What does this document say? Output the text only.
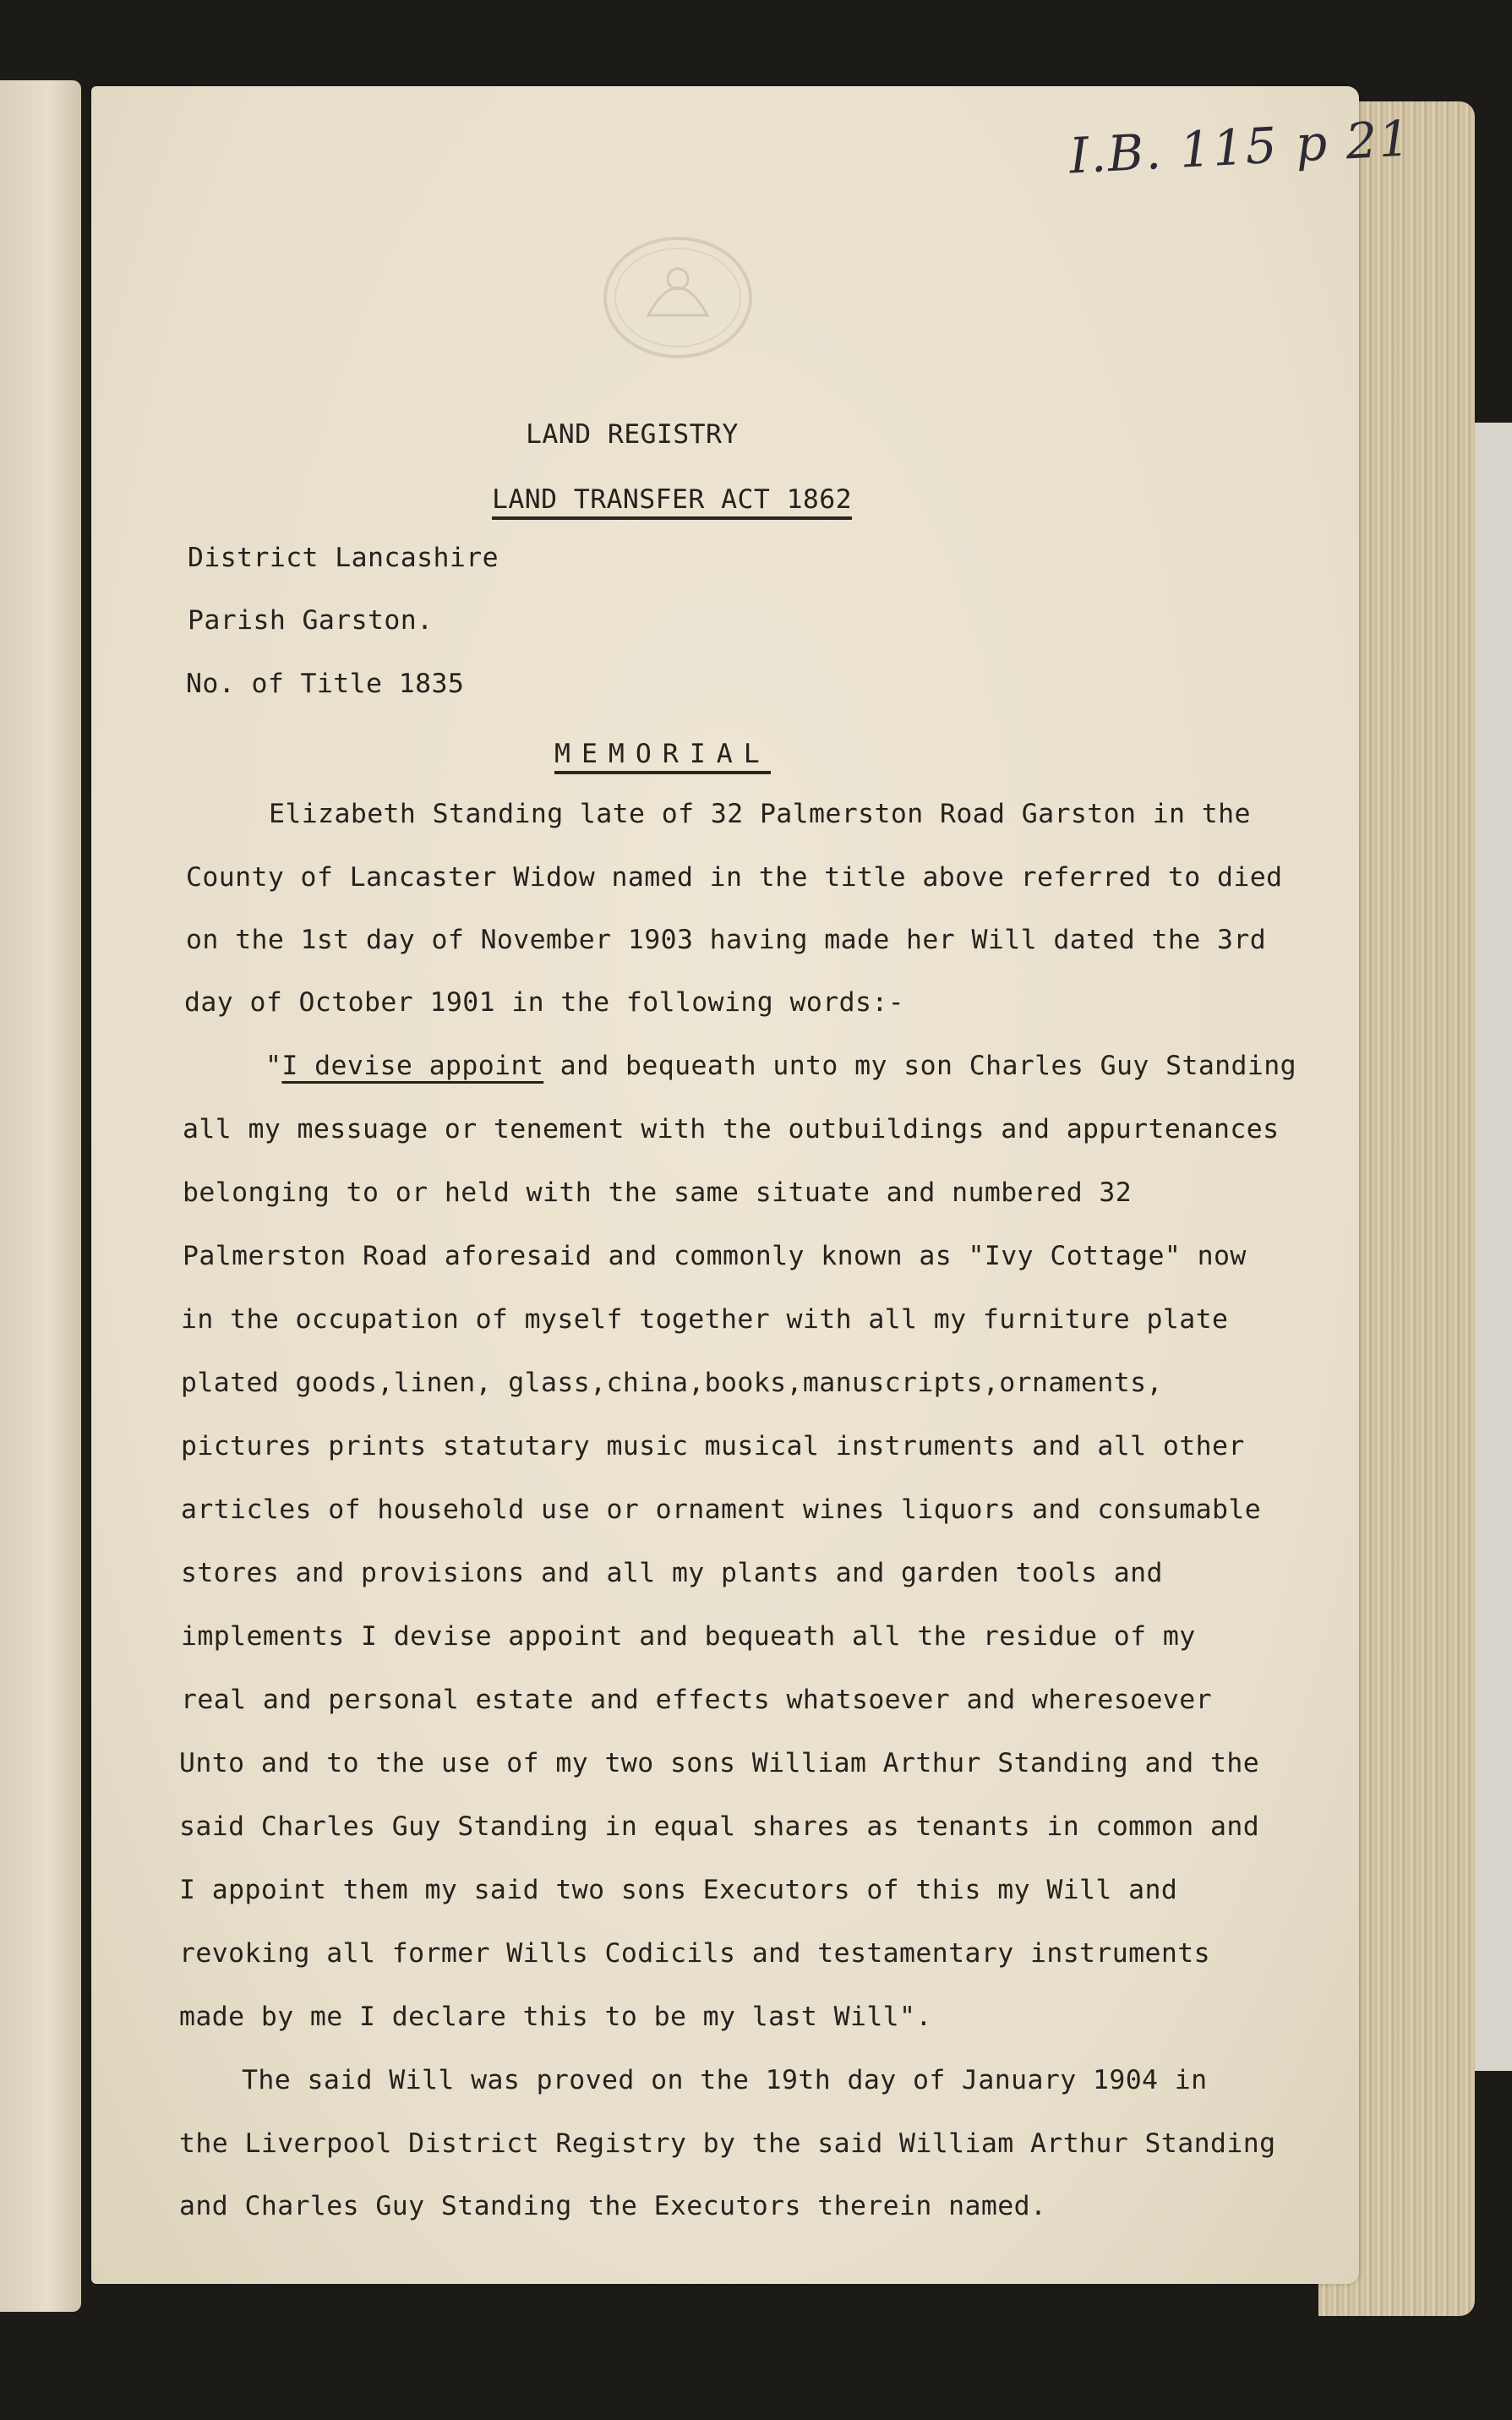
I.B. 115 p 21
LAND REGISTRY
LAND TRANSFER ACT 1862
District Lancashire
Parish Garston.
No. of Title 1835
MEMORIAL
Elizabeth Standing late of 32 Palmerston Road Garston in the
County of Lancaster Widow named in the title above referred to died
on the 1st day of November 1903 having made her Will dated the 3rd
day of October 1901 in the following words:-
"I devise appoint and bequeath unto my son Charles Guy Standing
all my messuage or tenement with the outbuildings and appurtenances
belonging to or held with the same situate and numbered 32
Palmerston Road aforesaid and commonly known as "Ivy Cottage" now
in the occupation of myself together with all my furniture plate
plated goods,linen, glass,china,books,manuscripts,ornaments,
pictures prints statutary music musical instruments and all other
articles of household use or ornament wines liquors and consumable
stores and provisions and all my plants and garden tools and
implements I devise appoint and bequeath all the residue of my
real and personal estate and effects whatsoever and wheresoever
Unto and to the use of my two sons William Arthur Standing and the
said Charles Guy Standing in equal shares as tenants in common and
I appoint them my said two sons Executors of this my Will and
revoking all former Wills Codicils and testamentary instruments
made by me I declare this to be my last Will".
The said Will was proved on the 19th day of January 1904 in
the Liverpool District Registry by the said William Arthur Standing
and Charles Guy Standing the Executors therein named.
